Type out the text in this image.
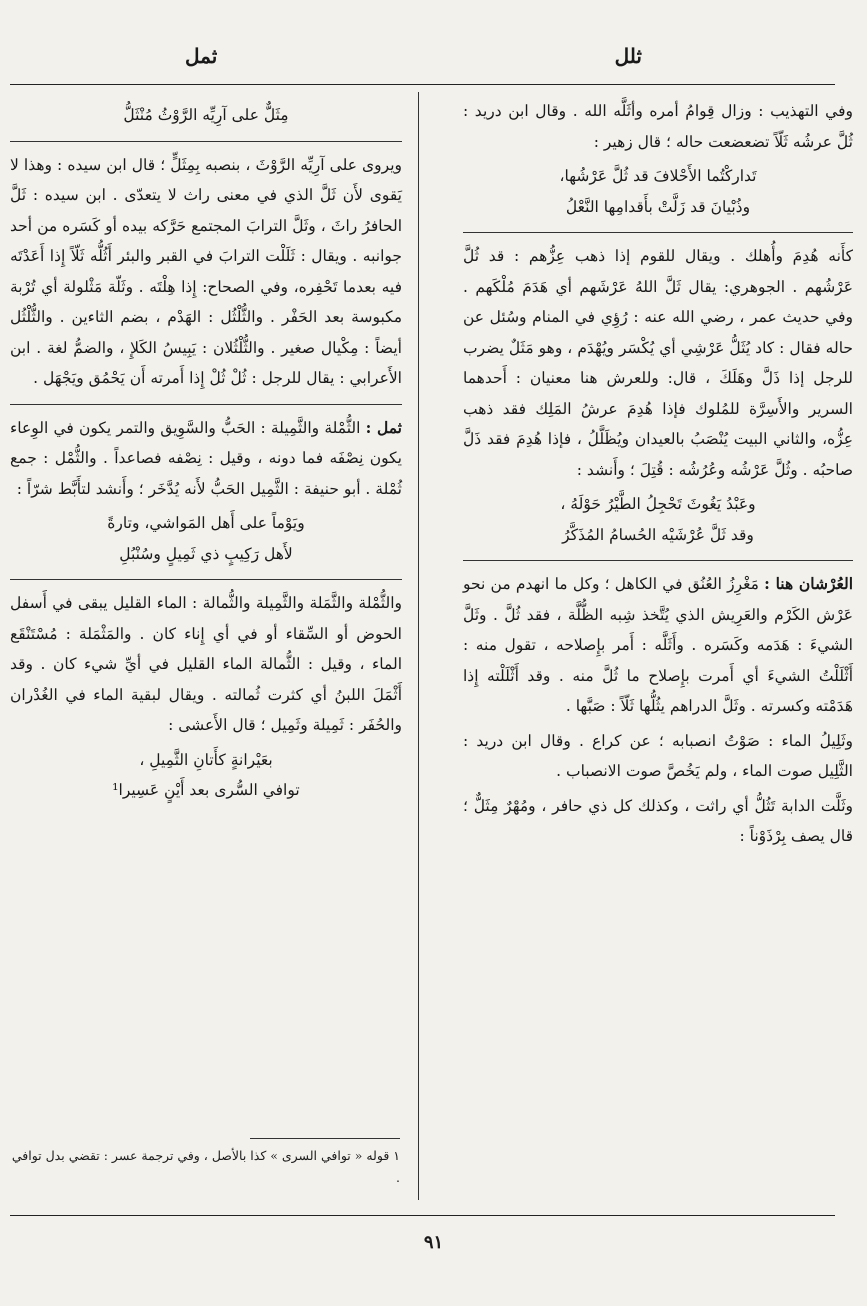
ثلل
ثمل

وفي التهذيب : وزال قِوامُ أمره وأثَلَّه الله . وقال ابن دريد : ثُلَّ عرشُه ثَلّاً تضعضعت حاله ؛ قال زهير :

تَداركْتُما الأَحْلافَ قد ثُلَّ عَرْشُها،
وذُبْيانَ قد زَلَّتْ بأَقدامِها النَّعْلُ

كأَنه هُدِمَ وأُهلك . ويقال للقوم إذا ذهب عِزُّهم : قد ثُلَّ عَرْشُهم . الجوهري: يقال ثَلَّ اللهُ عَرْشَهم أي هَدَمَ مُلْكَهم . وفي حديث عمر ، رضي الله عنه : رُؤِي في المنام وسُئل عن حاله فقال : كاد يُثَلُّ عَرْشِي أي يُكْسَر ويُهْدَم ، وهو مَثَلٌ يضرب للرجل إذا ذَلَّ وهَلَكَ ، قال: وللعرش هنا معنيان : أَحدهما السرير والأَسِرَّة للمُلوك فإذا هُدِمَ عرشُ المَلِك فقد ذهب عِزُّه، والثاني البيت يُنْصَبُ بالعيدان ويُظَلَّلُ ، فإذا هُدِمَ فقد ذَلَّ صاحبُه . وثُلَّ عَرْشُه وعُرُشُه : قُتِلَ ؛ وأَنشد :

وعَبْدُ يَغُوثَ تَحْجِلُ الطَّيْرُ حَوْلَهُ ،
وقد ثَلَّ عُرْشَيْه الحُسامُ المُذَكَّرُ

العُرْشان هنا : مَغْرِزُ العُنُق في الكاهل ؛ وكل ما انهدم من نحو عَرْش الكَرْم والعَرِيش الذي يُتَّخذ شِبه الظُّلَّة ، فقد ثُلَّ . وثَلَّ الشيءَ : هَدَمه وكَسَره . وأَثَلَّه : أَمر بإِصلاحه ، تقول منه : أَثْلَلْتُ الشيءَ أي أَمرت بإِصلاح ما ثُلَّ منه . وقد أَثْلَلْته إِذا هَدَمْته وكسرته . وثَلَّ الدراهم يثُلُّها ثَلّاً : صَبَّها .

وثَلِيلُ الماء : صَوْتُ انصبابه ؛ عن كراع . وقال ابن دريد : الثَّلِيل صوت الماء ، ولم يَخُصَّ صوت الانصباب .

وثَلَّت الدابة تَثُلُّ أي راثت ، وكذلك كل ذي حافر ، ومُهْرٌ مِثَلٌّ ؛ قال يصف بِرْذَوْناً :

مِثَلٌّ على آرِيِّه الرَّوْثُ مُنْثَلُّ

ويروى على آرِيِّه الرَّوْثَ ، بنصبه بِمِثَلٍّ ؛ قال ابن سيده : وهذا لا يَقوى لأَن ثَلَّ الذي في معنى راث لا يتعدّى . ابن سيده : ثَلَّ الحافرُ راثَ ، وثَلَّ الترابَ المجتمع حَرَّكه بيده أو كَسَره من أحد جوانبه . ويقال : ثَلَلْت الترابَ في القبر والبئر أَثُلُّه ثَلّاً إِذا أَعَدْتَه فيه بعدما تَحْفِره، وفي الصحاح: إِذا هِلْتَه . وثَلّة مَثْلولة أي تُرْبة مكبوسة بعد الحَفْر . والثُّلْثُل : الهَدْم ، بضم الثاءين . والثُّلْثُل أيضاً : مِكْيال صغير . والثُّلْثُلان : يَبِيسُ الكَلإِ ، والضمُّ لغة . ابن الأَعرابي : يقال للرجل : ثُلْ ثُلْ إِذا أَمرته أَن يَحْمُق ويَجْهَل .

ثمل : الثُّمْلة والثَّمِيلة : الحَبُّ والسَّوِيق والتمر يكون في الوِعاء يكون نِصْفَه فما دونه ، وقيل : نِصْفه فصاعداً . والثُّمْل : جمع ثُمْلة . أبو حنيفة : الثَّمِيل الحَبُّ لأَنه يُدَّخَر ؛ وأَنشد لتأَبَّط شرّاً :

ويَوْماً على أَهل المَواشي، وتارةً
لأَهل رَكِيبٍ ذي ثَمِيلٍ وسُنْبُلِ

والثُّمْلة والثَّمَلة والثَّمِيلة والثُّمالة : الماء القليل يبقى في أَسفل الحوض أو السِّقاء أو في أي إِناء كان . والمَثْمَلة : مُسْتَنْقَع الماء ، وقيل : الثُّمالة الماء القليل في أيِّ شيء كان . وقد أَثْمَلَ اللبنُ أي كثرت ثُمالته . ويقال لبقية الماء في الغُدْران والحُفَر : ثَمِيلة وثَمِيل ؛ قال الأَعشى :

بعَيْرانةٍ كأَتانِ الثَّمِيلِ ،
توافي السُّرى بعد أَيْنٍ عَسِيرا¹
١ قوله « توافي السرى » كذا بالأصل ، وفي ترجمة عسر : تقضي بدل توافي .
٩١
